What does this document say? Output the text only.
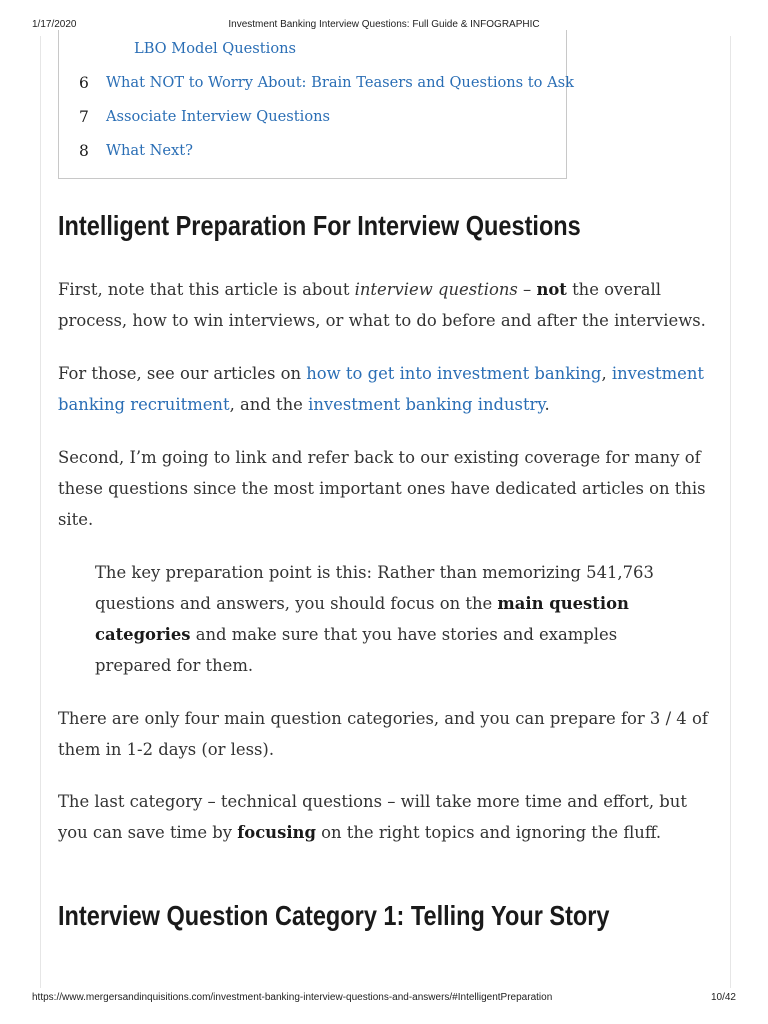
1/17/2020	Investment Banking Interview Questions: Full Guide & INFOGRAPHIC
LBO Model Questions
6 What NOT to Worry About: Brain Teasers and Questions to Ask
7 Associate Interview Questions
8 What Next?
Intelligent Preparation For Interview Questions

First, note that this article is about interview questions – not the overall process, how to win interviews, or what to do before and after the interviews.

For those, see our articles on how to get into investment banking, investment banking recruitment, and the investment banking industry.

Second, I’m going to link and refer back to our existing coverage for many of these questions since the most important ones have dedicated articles on this site.

The key preparation point is this: Rather than memorizing 541,763 questions and answers, you should focus on the main question categories and make sure that you have stories and examples prepared for them.

There are only four main question categories, and you can prepare for 3 / 4 of them in 1-2 days (or less).

The last category – technical questions – will take more time and effort, but you can save time by focusing on the right topics and ignoring the fluff.

Interview Question Category 1: Telling Your Story
https://www.mergersandinquisitions.com/investment-banking-interview-questions-and-answers/#IntelligentPreparation	10/42
